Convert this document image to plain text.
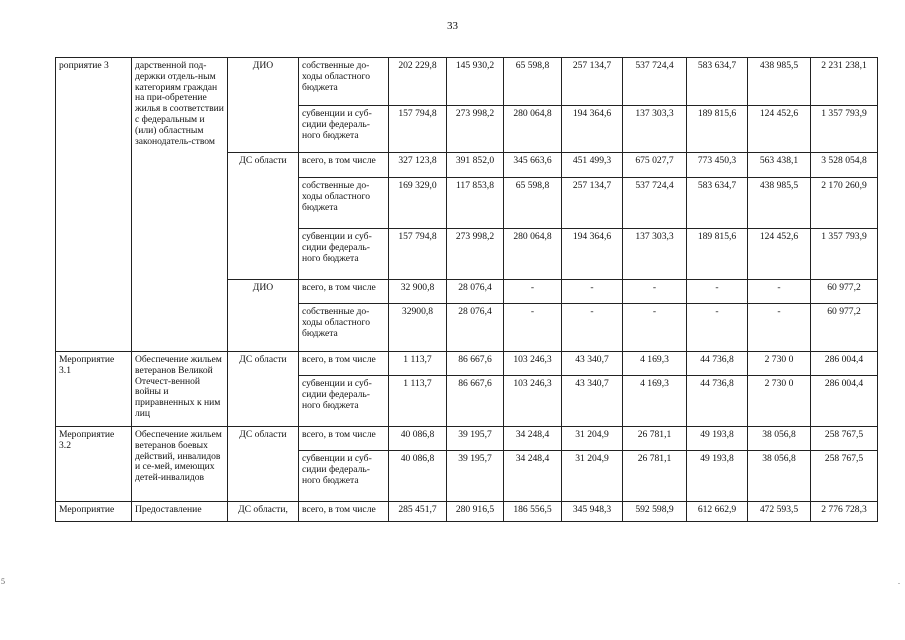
33
5	.
роприятие 3	дарственной под-держки отдель-ным категориям граждан на при-обретение жилья в соответствии с федеральным и (или) областным законодатель-ством	ДИО	собственные до-ходы областного бюджета	202 229,8	145 930,2	65 598,8	257 134,7	537 724,4	583 634,7	438 985,5	2 231 238,1
			субвенции и суб-сидии федераль-ного бюджета	157 794,8	273 998,2	280 064,8	194 364,6	137 303,3	189 815,6	124 452,6	1 357 793,9
		ДС области	всего, в том числе	327 123,8	391 852,0	345 663,6	451 499,3	675 027,7	773 450,3	563 438,1	3 528 054,8
			собственные до-ходы областного бюджета	169 329,0	117 853,8	65 598,8	257 134,7	537 724,4	583 634,7	438 985,5	2 170 260,9
			субвенции и суб-сидии федераль-ного бюджета	157 794,8	273 998,2	280 064,8	194 364,6	137 303,3	189 815,6	124 452,6	1 357 793,9
		ДИО	всего, в том числе	32 900,8	28 076,4	-	-	-	-	-	60 977,2
			собственные до-ходы областного бюджета	32900,8	28 076,4	-	-	-	-	-	60 977,2
Мероприятие 3.1	Обеспечение жильем ветеранов Великой Отечест-венной войны и приравненных к ним лиц	ДС области	всего, в том числе	1 113,7	86 667,6	103 246,3	43 340,7	4 169,3	44 736,8	2 730 0	286 004,4
			субвенции и суб-сидии федераль-ного бюджета	1 113,7	86 667,6	103 246,3	43 340,7	4 169,3	44 736,8	2 730 0	286 004,4
Мероприятие 3.2	Обеспечение жильем ветеранов боевых действий, инвалидов и се-мей, имеющих детей-инвалидов	ДС области	всего, в том числе	40 086,8	39 195,7	34 248,4	31 204,9	26 781,1	49 193,8	38 056,8	258 767,5
			субвенции и суб-сидии федераль-ного бюджета	40 086,8	39 195,7	34 248,4	31 204,9	26 781,1	49 193,8	38 056,8	258 767,5
Мероприятие	Предоставление	ДС области,	всего, в том числе	285 451,7	280 916,5	186 556,5	345 948,3	592 598,9	612 662,9	472 593,5	2 776 728,3
